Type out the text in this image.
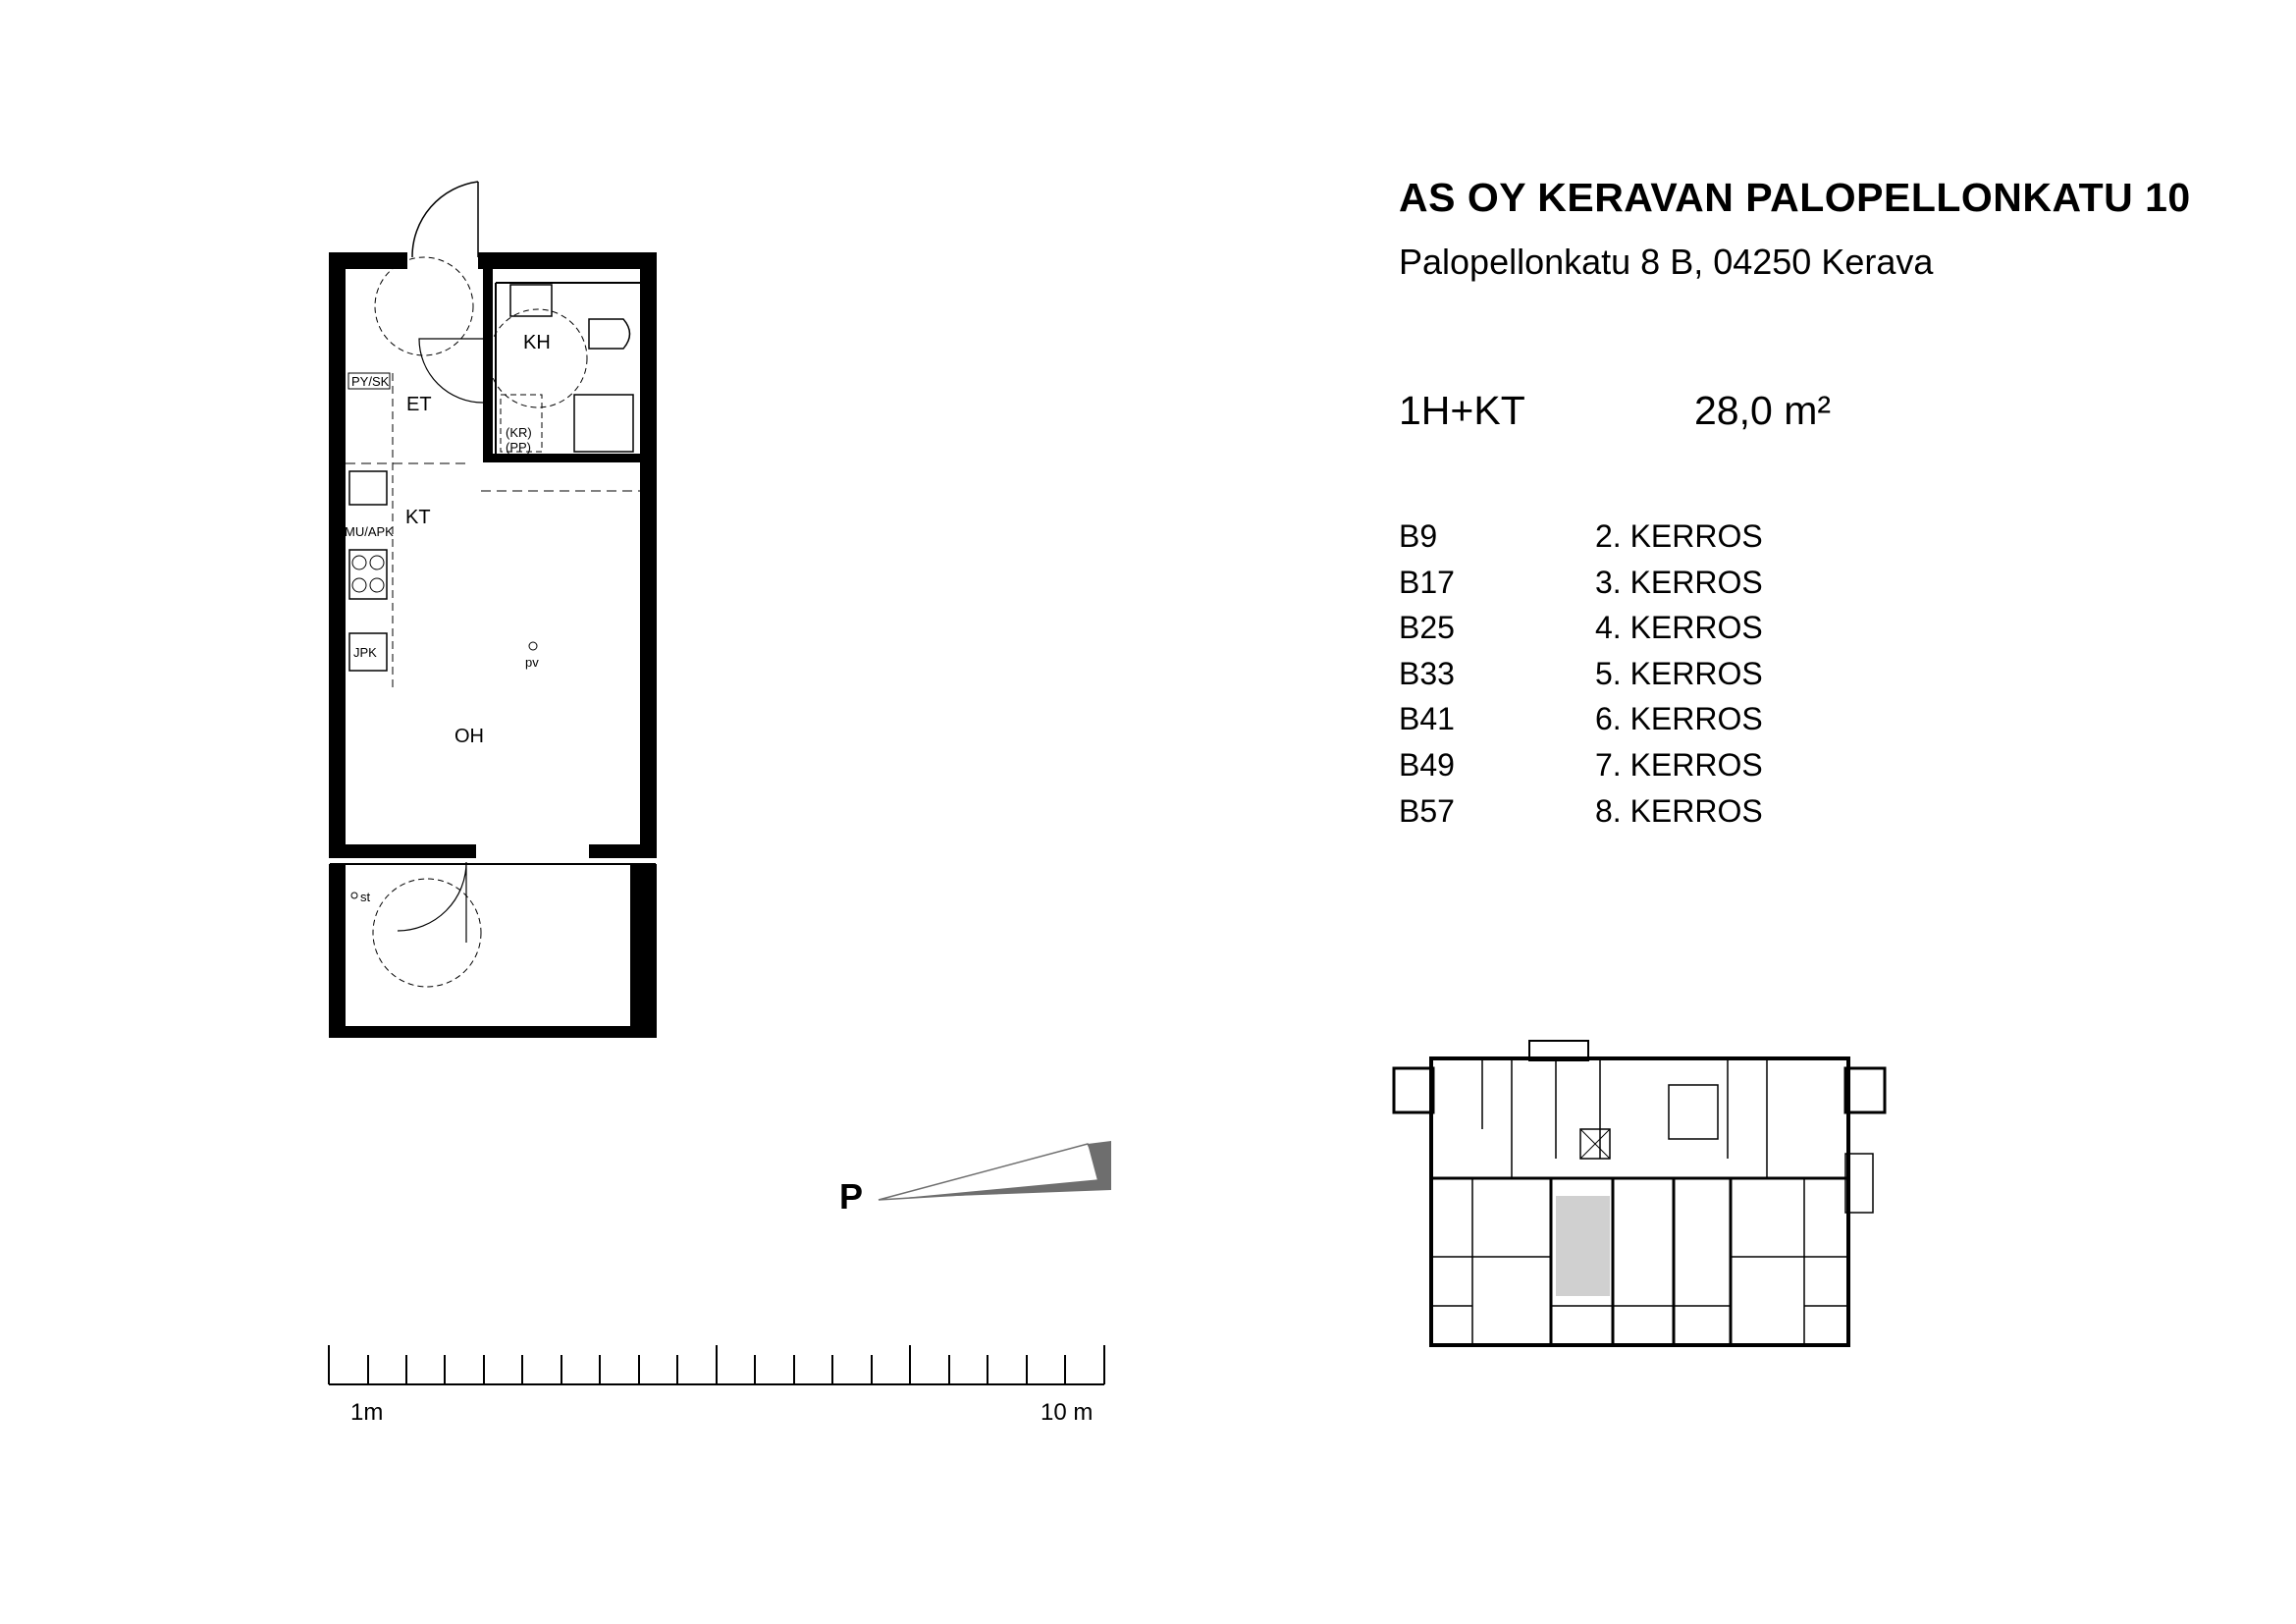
AS OY KERAVAN PALOPELLONKATU 10
Palopellonkatu 8 B, 04250 Kerava
1H+KT	28,0 m²
B9	2. KERROS
B17	3. KERROS
B25	4. KERROS
B33	5. KERROS
B41	6. KERROS
B49	7. KERROS
B57	8. KERROS
KH
ET
KT
OH
PY/SK
(KR)
(PP)
MU/APK
JPK
pv
st
1m	10 m
P
